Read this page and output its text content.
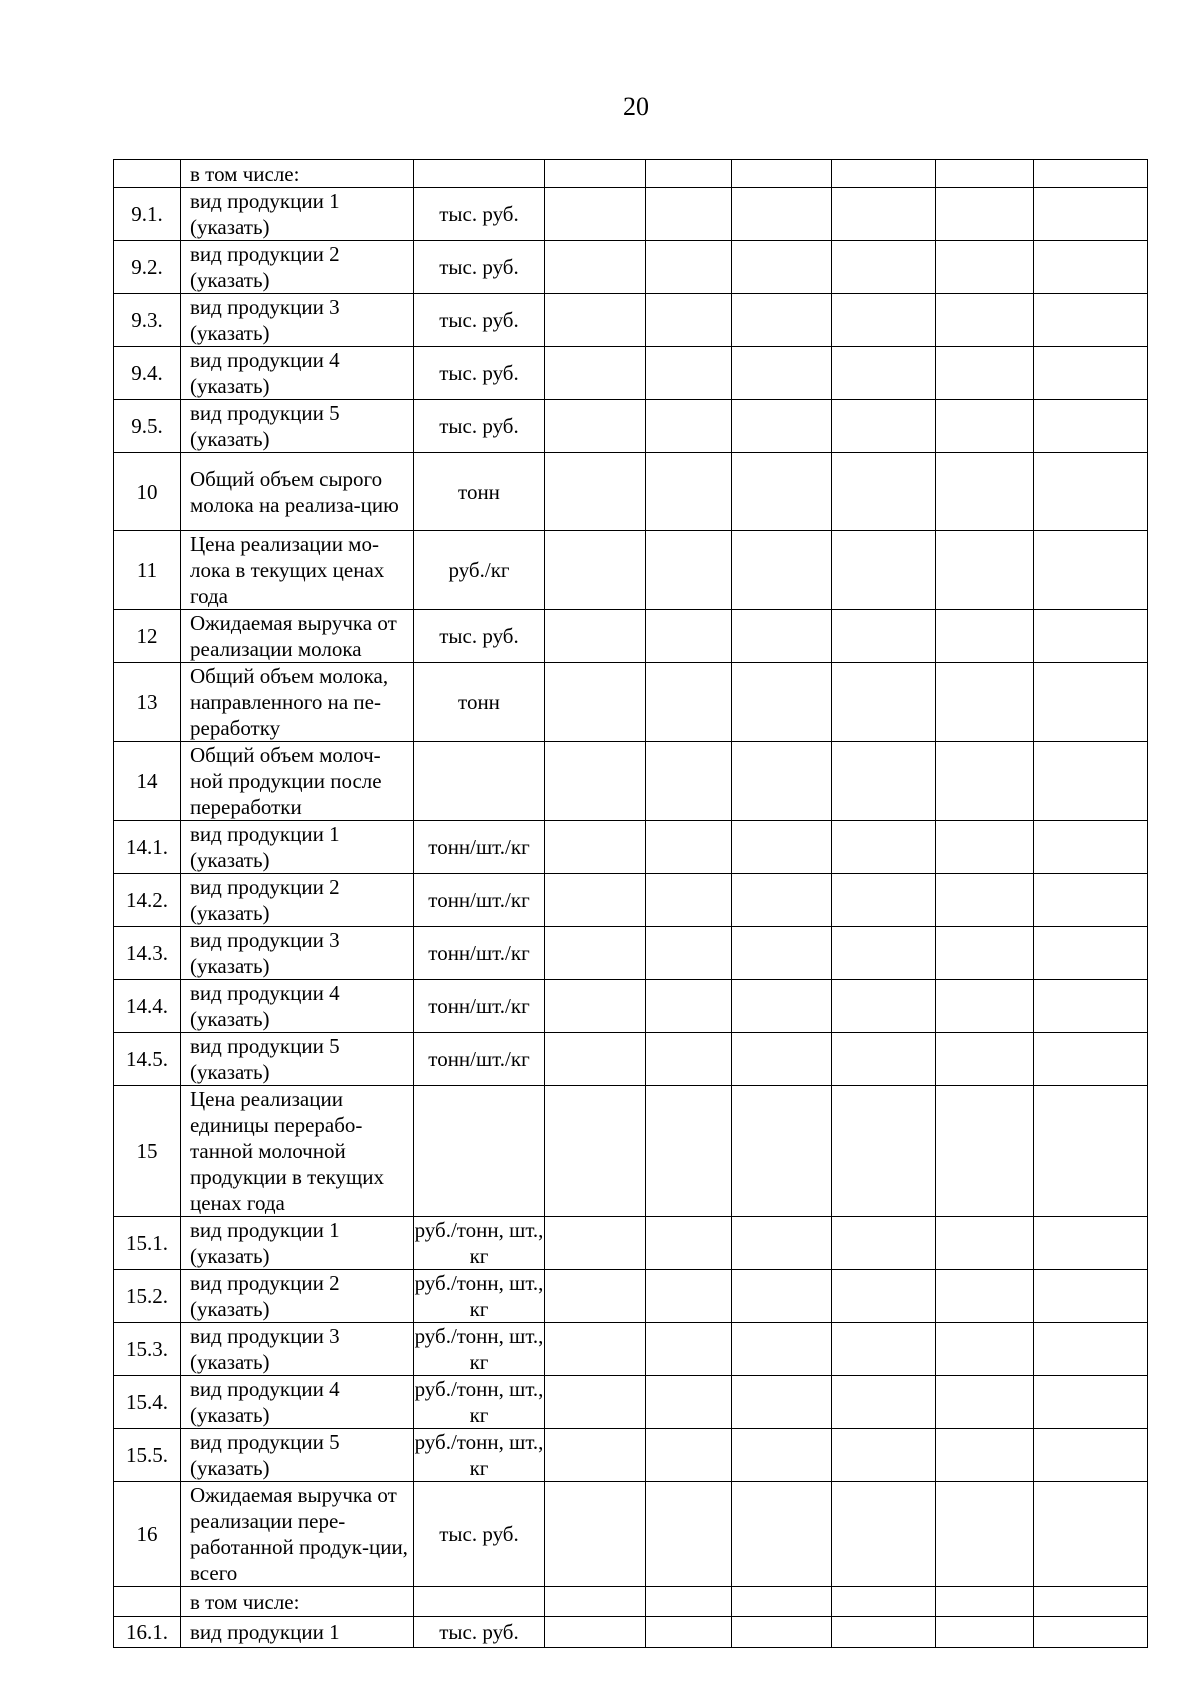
20
	в том числе:							
9.1.	вид продукции 1 (указать)	тыс. руб.						
9.2.	вид продукции 2 (указать)	тыс. руб.						
9.3.	вид продукции 3 (указать)	тыс. руб.						
9.4.	вид продукции 4 (указать)	тыс. руб.						
9.5.	вид продукции 5 (указать)	тыс. руб.						
10	Общий объем сырого молока на реализа-цию	тонн						
11	Цена реализации мо-лока в текущих ценах года	руб./кг						
12	Ожидаемая выручка от реализации молока	тыс. руб.						
13	Общий объем молока, направленного на пе-реработку	тонн						
14	Общий объем молоч-ной продукции после переработки							
14.1.	вид продукции 1 (указать)	тонн/шт./кг						
14.2.	вид продукции 2 (указать)	тонн/шт./кг						
14.3.	вид продукции 3 (указать)	тонн/шт./кг						
14.4.	вид продукции 4 (указать)	тонн/шт./кг						
14.5.	вид продукции 5 (указать)	тонн/шт./кг						
15	Цена реализации единицы перерабо-танной молочной продукции в текущих ценах года							
15.1.	вид продукции 1 (указать)	руб./тонн, шт., кг						
15.2.	вид продукции 2 (указать)	руб./тонн, шт., кг						
15.3.	вид продукции 3 (указать)	руб./тонн, шт., кг						
15.4.	вид продукции 4 (указать)	руб./тонн, шт., кг						
15.5.	вид продукции 5 (указать)	руб./тонн, шт., кг						
16	Ожидаемая выручка от реализации пере-работанной продук-ции, всего	тыс. руб.						
	в том числе:							
16.1.	вид продукции 1	тыс. руб.						
